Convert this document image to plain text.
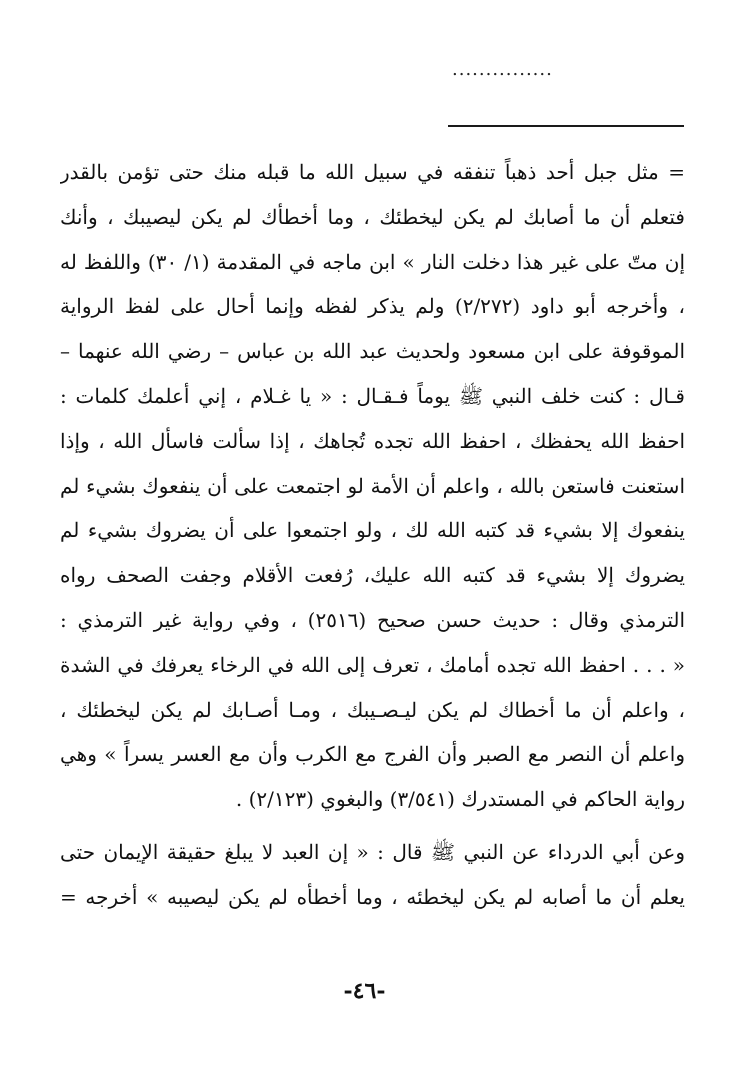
...............
= مثل جبل أحد ذهباً تنفقه في سبيل الله ما قبله منك حتى تؤمن بالقدر
فتعلم أن ما أصابك لم يكن ليخطئك ، وما أخطأك لم يكن ليصيبك ، وأنك
إن متّ على غير هذا دخلت النار » ابن ماجه في المقدمة (١/ ٣٠) واللفظ له
، وأخرجه أبو داود (٢/٢٧٢) ولم يذكر لفظه وإنما أحال على لفظ الرواية
الموقوفة على ابن مسعود ولحديث عبد الله بن عباس – رضي الله عنهما –
قـال : كنت خلف النبي ﷺ يوماً فـقـال : « يا غـلام ، إني أعلمك كلمات :
احفظ الله يحفظك ، احفظ الله تجده تُجاهك ، إذا سألت فاسأل الله ، وإذا
استعنت فاستعن بالله ، واعلم أن الأمة لو اجتمعت على أن ينفعوك بشيء لم
ينفعوك إلا بشيء قد كتبه الله لك ، ولو اجتمعوا على أن يضروك بشيء لم
يضروك إلا بشيء قد كتبه الله عليك، رُفعت الأقلام وجفت الصحف رواه
الترمذي وقال : حديث حسن صحيح (٢٥١٦) ، وفي رواية غير الترمذي :
« . . . احفظ الله تجده أمامك ، تعرف إلى الله في الرخاء يعرفك في الشدة
، واعلم أن ما أخطاك لم يكن ليـصـيبك ، ومـا أصـابك لم يكن ليخطئك ،
واعلم أن النصر مع الصبر وأن الفرج مع الكرب وأن مع العسر يسراً » وهي
رواية الحاكم في المستدرك (٣/٥٤١) والبغوي (٢/١٢٣) .
وعن أبي الدرداء عن النبي ﷺ قال : « إن العبد لا يبلغ حقيقة الإيمان حتى
يعلم أن ما أصابه لم يكن ليخطئه ، وما أخطأه لم يكن ليصيبه » أخرجه =
-٤٦-
